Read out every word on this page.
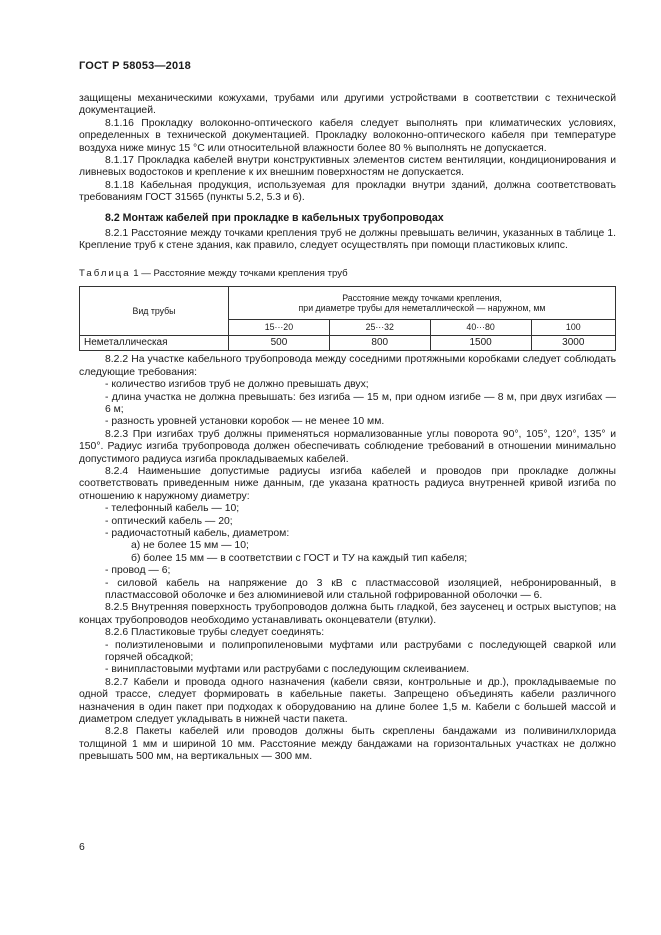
ГОСТ Р 58053—2018

защищены механическими кожухами, трубами или другими устройствами в соответствии с технической документацией.

8.1.16 Прокладку волоконно-оптического кабеля следует выполнять при климатических условиях, определенных в технической документацией. Прокладку волоконно-оптического кабеля при температуре воздуха ниже минус 15 °С или относительной влажности более 80 % выполнять не допускается.

8.1.17 Прокладка кабелей внутри конструктивных элементов систем вентиляции, кондиционирования и ливневых водостоков и крепление к их внешним поверхностям не допускается.

8.1.18 Кабельная продукция, используемая для прокладки внутри зданий, должна соответствовать требованиям ГОСТ 31565 (пункты 5.2, 5.3 и 6).

8.2 Монтаж кабелей при прокладке в кабельных трубопроводах

8.2.1 Расстояние между точками крепления труб не должны превышать величин, указанных в таблице 1. Крепление труб к стене здания, как правило, следует осуществлять при помощи пластиковых клипс.

Таблица 1 — Расстояние между точками крепления труб
Вид трубы	Расстояние между точками крепления,
при диаметре трубы для неметаллической — наружном, мм			
	15···20	25···32	40···80	100
Неметаллическая	500	800	1500	3000

8.2.2 На участке кабельного трубопровода между соседними протяжными коробками следует соблюдать следующие требования:

- количество изгибов труб не должно превышать двух;

- длина участка не должна превышать: без изгиба — 15 м, при одном изгибе — 8 м, при двух изгибах — 6 м;

- разность уровней установки коробок — не менее 10 мм.

8.2.3 При изгибах труб должны применяться нормализованные углы поворота 90°, 105°, 120°, 135° и 150°. Радиус изгиба трубопровода должен обеспечивать соблюдение требований в отношении минимально допустимого радиуса изгиба прокладываемых кабелей.

8.2.4 Наименьшие допустимые радиусы изгиба кабелей и проводов при прокладке должны соответствовать приведенным ниже данным, где указана кратность радиуса внутренней кривой изгиба по отношению к наружному диаметру:

- телефонный кабель — 10;

- оптический кабель — 20;

- радиочастотный кабель, диаметром:

а) не более 15 мм — 10;

б) более 15 мм — в соответствии с ГОСТ и ТУ на каждый тип кабеля;

- провод — 6;

- силовой кабель на напряжение до 3 кВ с пластмассовой изоляцией, небронированный, в пластмассовой оболочке и без алюминиевой или стальной гофрированной оболочки — 6.

8.2.5 Внутренняя поверхность трубопроводов должна быть гладкой, без заусенец и острых выступов; на концах трубопроводов необходимо устанавливать оконцеватели (втулки).

8.2.6 Пластиковые трубы следует соединять:

- полиэтиленовыми и полипропиленовыми муфтами или раструбами с последующей сваркой или горячей обсадкой;

- винипластовыми муфтами или раструбами с последующим склеиванием.

8.2.7 Кабели и провода одного назначения (кабели связи, контрольные и др.), прокладываемые по одной трассе, следует формировать в кабельные пакеты. Запрещено объединять кабели различного назначения в один пакет при подходах к оборудованию на длине более 1,5 м. Кабели с большей массой и диаметром следует укладывать в нижней части пакета.

8.2.8 Пакеты кабелей или проводов должны быть скреплены бандажами из поливинилхлорида толщиной 1 мм и шириной 10 мм. Расстояние между бандажами на горизонтальных участках не должно превышать 500 мм, на вертикальных — 300 мм.

6
